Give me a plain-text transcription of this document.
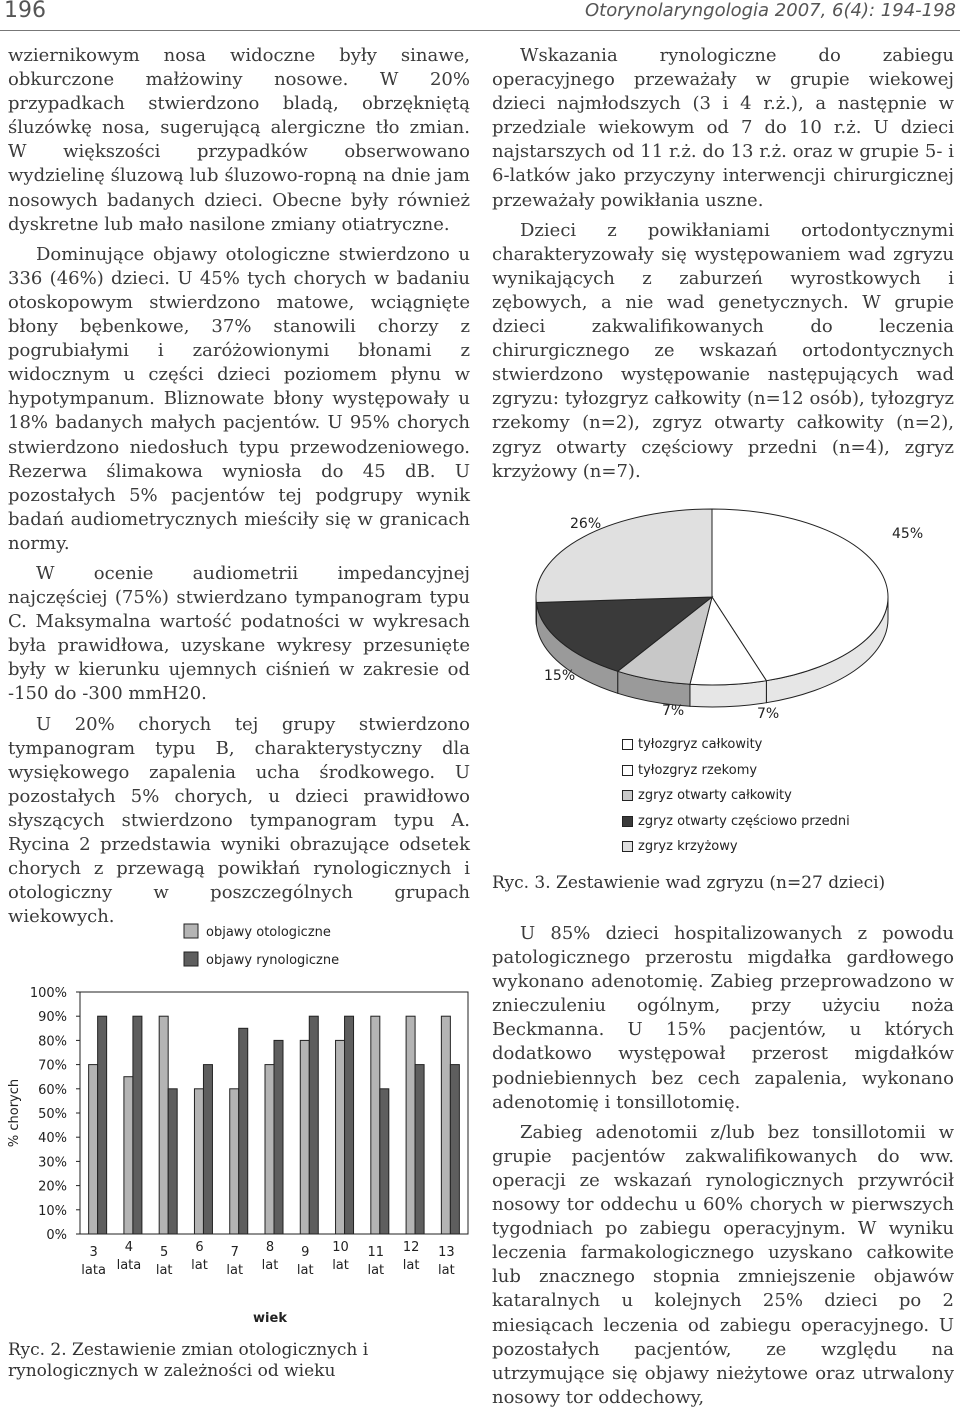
196	Otorynolaryngologia 2007, 6(4): 194-198

wziernikowym nosa widoczne były sinawe, obkurczone małżowiny nosowe. W 20% przypadkach stwierdzono bladą, obrzękniętą śluzówkę nosa, sugerującą alergiczne tło zmian. W większości przypadków obserwowano wydzielinę śluzową lub śluzowo-ropną na dnie jam nosowych badanych dzieci. Obecne były również dyskretne lub mało nasilone zmiany otiatryczne.

Dominujące objawy otologiczne stwierdzono u 336 (46%) dzieci. U 45% tych chorych w badaniu otoskopowym stwierdzono matowe, wciągnięte błony bębenkowe, 37% stanowili chorzy z pogrubiałymi i zaróżowionymi błonami z widocznym u części dzieci poziomem płynu w hypotympanum. Bliznowate błony występowały u 18% badanych małych pacjentów. U 95% chorych stwierdzono niedosłuch typu przewodzeniowego. Rezerwa ślimakowa wyniosła do 45 dB. U pozostałych 5% pacjentów tej podgrupy wynik badań audiometrycznych mieściły się w granicach normy.

W ocenie audiometrii impedancyjnej najczęściej (75%) stwierdzano tympanogram typu C. Maksymalna wartość podatności w wykresach była prawidłowa, uzyskane wykresy przesunięte były w kierunku ujemnych ciśnień w zakresie od -150 do -300 mmH20.

U 20% chorych tej grupy stwierdzono tympanogram typu B, charakterystyczny dla wysiękowego zapalenia ucha środkowego. U pozostałych 5% chorych, u dzieci prawidłowo słyszących stwierdzono tympanogram typu A. Rycina 2 przedstawia wyniki obrazujące odsetek chorych z przewagą powikłań rynologicznych i otologiczny w poszczególnych grupach wiekowych.

Wskazania rynologiczne do zabiegu operacyjnego przeważały w grupie wiekowej dzieci najmłodszych (3 i 4 r.ż.), a następnie w przedziale wiekowym od 7 do 10 r.ż. U dzieci najstarszych od 11 r.ż. do 13 r.ż. oraz w grupie 5- i 6-latków jako przyczyny interwencji chirurgicznej przeważały powikłania uszne.

Dzieci z powikłaniami ortodontycznymi charakteryzowały się występowaniem wad zgryzu wynikających z zaburzeń wyrostkowych i zębowych, a nie wad genetycznych. W grupie dzieci zakwalifikowanych do leczenia chirurgicznego ze wskazań ortodontycznych stwierdzono występowanie następujących wad zgryzu: tyłozgryz całkowity (n=12 osób), tyłozgryz rzekomy (n=2), zgryz otwarty całkowity (n=2), zgryz otwarty częściowy przedni (n=4), zgryz krzyżowy (n=7).

45%
7%	7%
15%
26%
tyłozgryz całkowity
tyłozgryz rzekomy
zgryz otwarty całkowity
zgryz otwarty częściowo przedni
zgryz krzyżowy
Ryc. 3. Zestawienie wad zgryzu (n=27 dzieci)
0%
10%
20%
30%
40%
50%
60%
70%
80%
90%
100%
% chorych
3
lata
4
lata
5
lat
6
lat
7
lat
8
lat
9
lat
10
lat
11
lat
12
lat
13
lat
wiek
objawy otologiczne
objawy rynologiczne
Ryc. 2. Zestawienie zmian otologicznych i rynologicznych w zależności od wieku

U 85% dzieci hospitalizowanych z powodu patologicznego przerostu migdałka gardłowego wykonano adenotomię. Zabieg przeprowadzono w znieczuleniu ogólnym, przy użyciu noża Beckmanna. U 15% pacjentów, u których dodatkowo występował przerost migdałków podniebiennych bez cech zapalenia, wykonano adenotomię i tonsillotomię.

Zabieg adenotomii z/lub bez tonsillotomii w grupie pacjentów zakwalifikowanych do ww. operacji ze wskazań rynologicznych przywrócił nosowy tor oddechu u 60% chorych w pierwszych tygodniach po zabiegu operacyjnym. W wyniku leczenia farmakologicznego uzyskano całkowite lub znacznego stopnia zmniejszenie objawów katаralnych u kolejnych 25% dzieci po 2 miesiącach leczenia od zabiegu operacyjnego. U pozostałych pacjentów, ze względu na utrzymujące się objawy nieżytowe oraz utrwalony nosowy tor oddechowy,
